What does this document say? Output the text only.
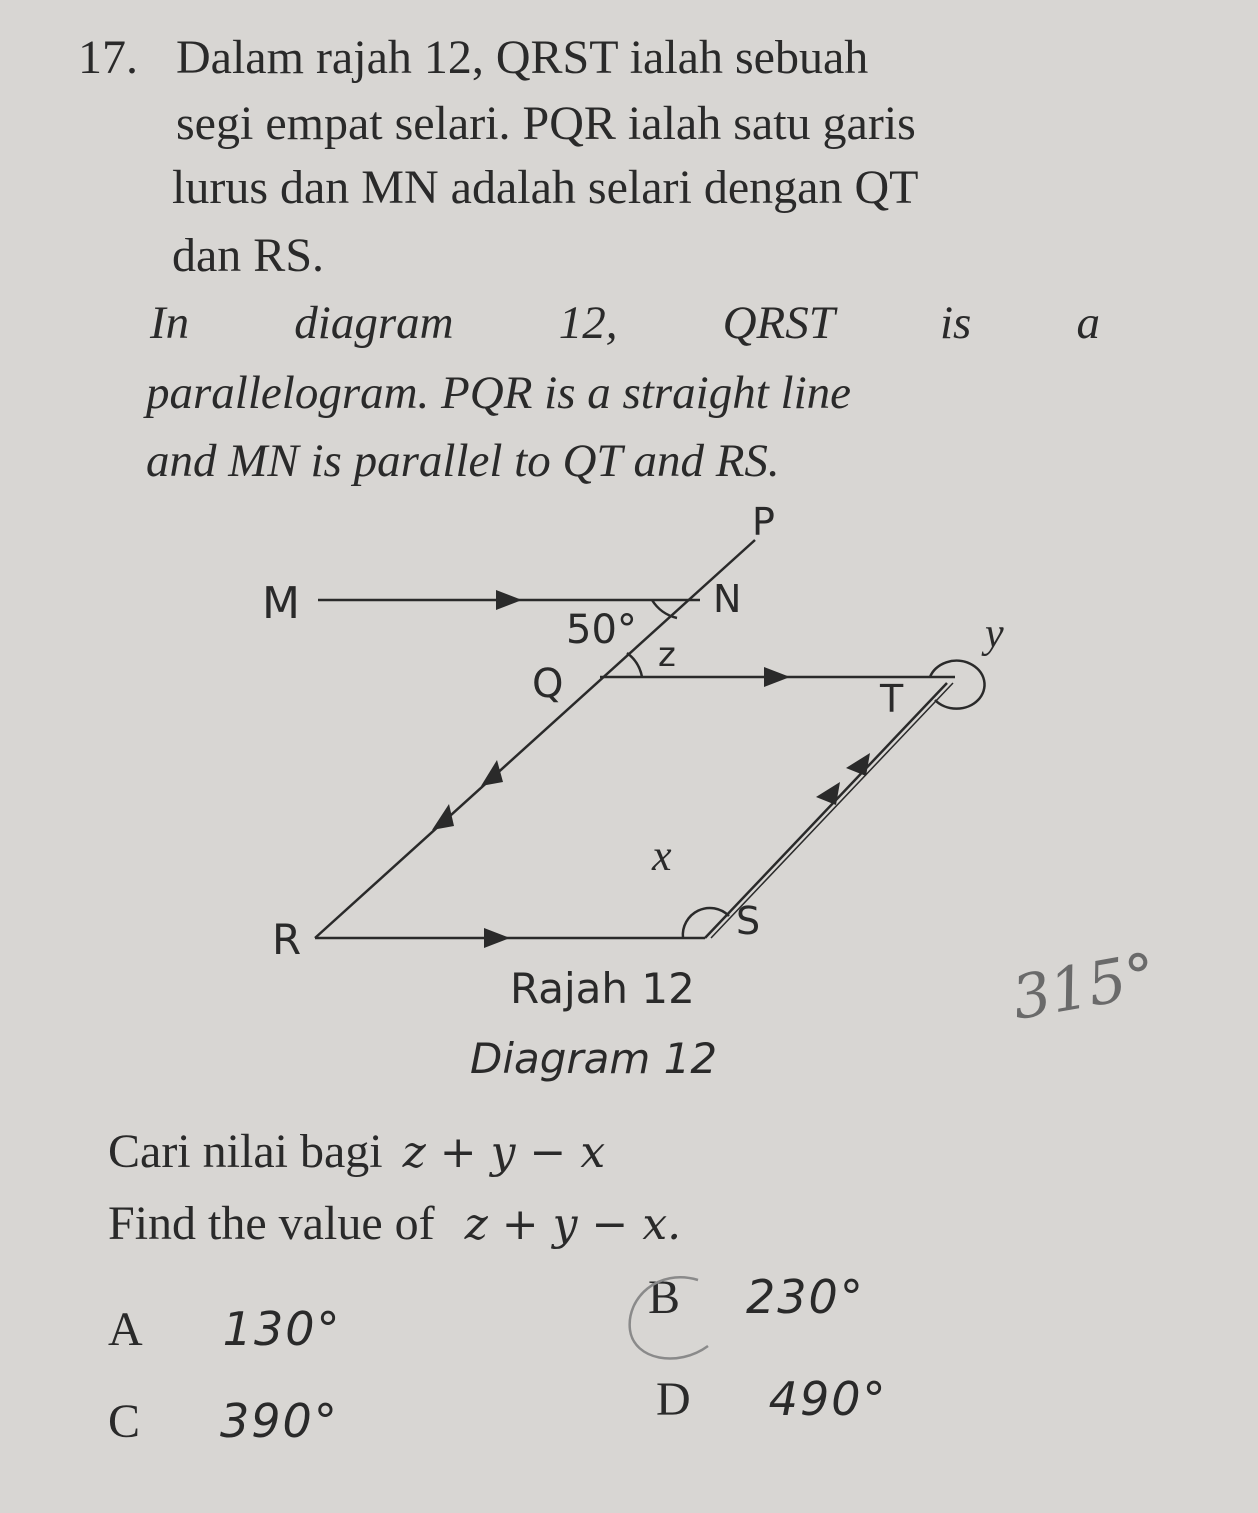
17. Dalam rajah 12, QRST ialah sebuah
segi empat selari. PQR ialah satu garis
lurus dan MN adalah selari dengan QT
dan RS.
In diagram 12, QRST is a
parallelogram. PQR is a straight line
and MN is parallel to QT and RS.
P
M	N
50°
z
Q	T
y
x
S
R
Rajah 12
Diagram 12
315°
Cari nilai bagi z + y − x
Find the value of z + y − x.
A 130°
B 230°
C 390°	D 490°
